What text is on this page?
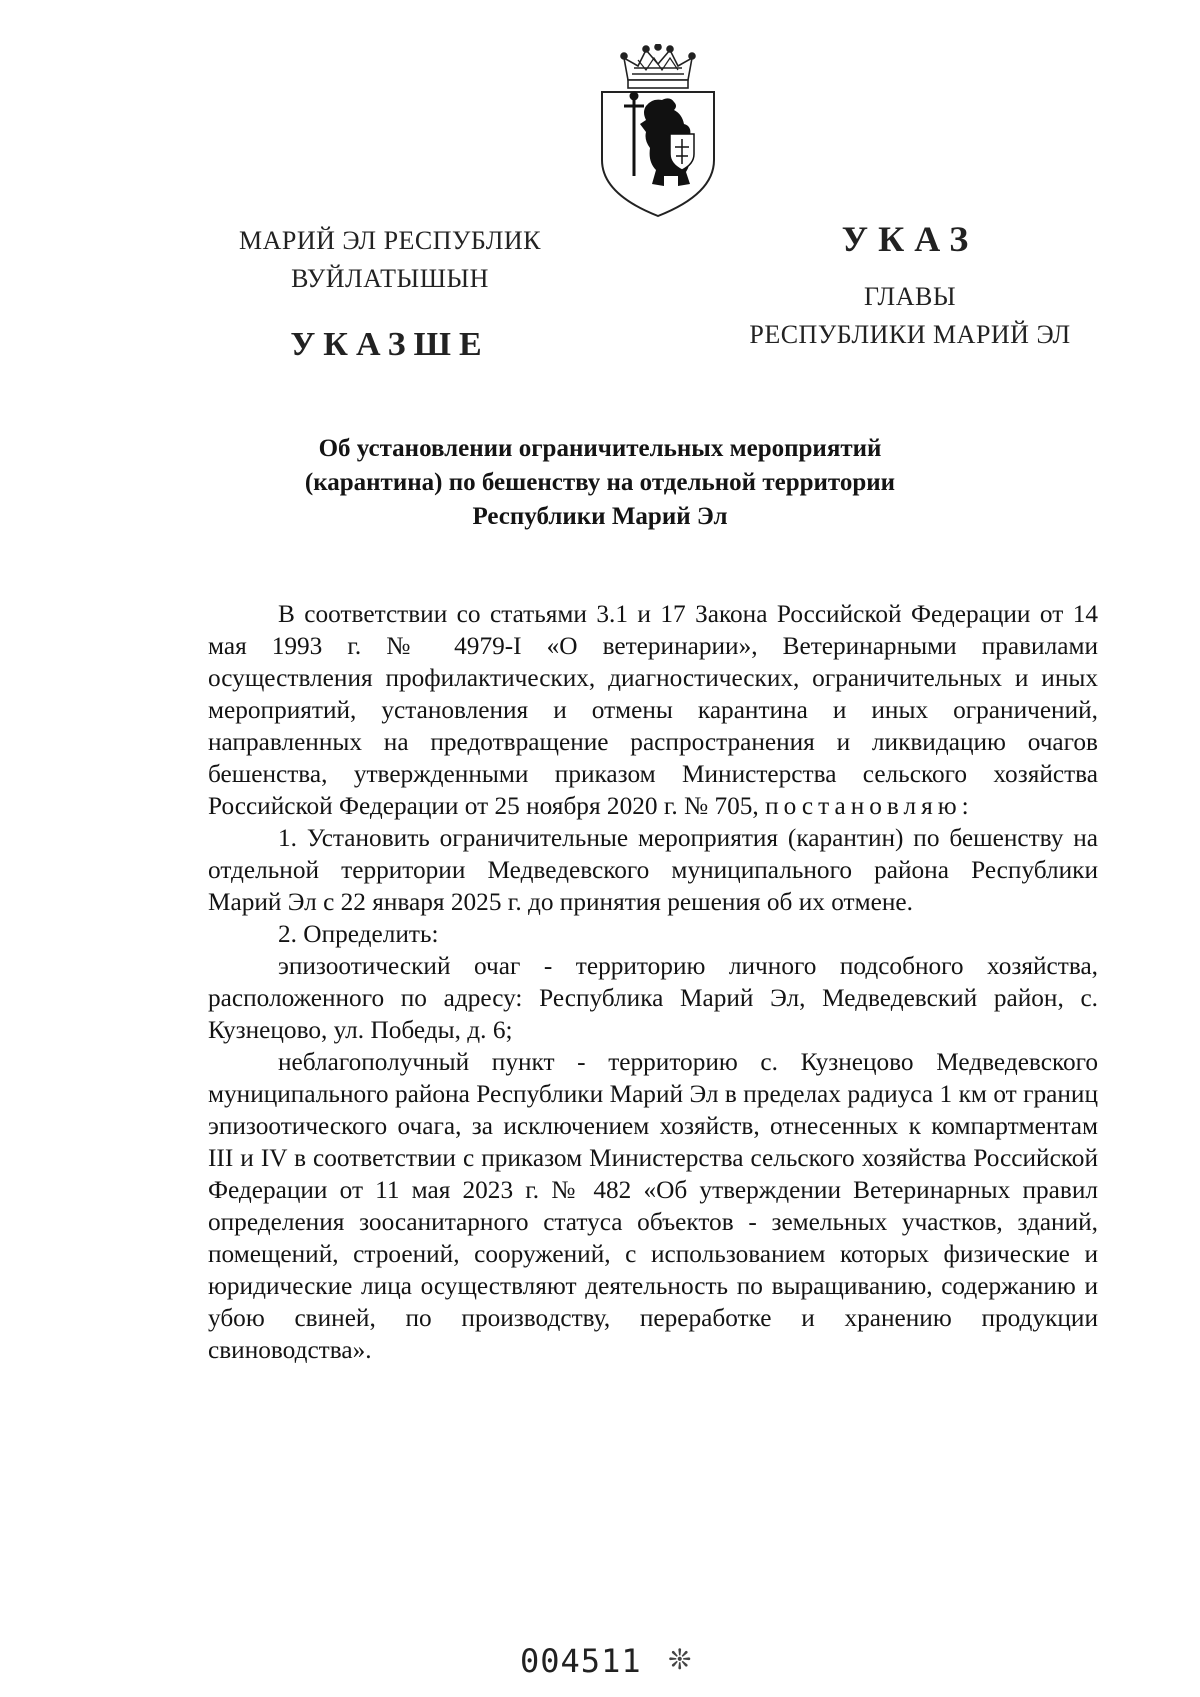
МАРИЙ ЭЛ РЕСПУБЛИК
ВУЙЛАТЫШЫН
УКАЗШЕ
УКАЗ
ГЛАВЫ
РЕСПУБЛИКИ МАРИЙ ЭЛ
Об установлении ограничительных мероприятий
(карантина) по бешенству на отдельной территории
Республики Марий Эл

В соответствии со статьями 3.1 и 17 Закона Российской Федерации от 14 мая 1993 г. № 4979-I «О ветеринарии», Ветеринарными правилами осуществления профилактических, диагностических, ограничительных и иных мероприятий, установления и отмены карантина и иных ограничений, направленных на предотвращение распространения и ликвидацию очагов бешенства, утвержденными приказом Министерства сельского хозяйства Российской Федерации от 25 ноября 2020 г. № 705, постановляю:

1. Установить ограничительные мероприятия (карантин) по бешенству на отдельной территории Медведевского муниципального района Республики Марий Эл с 22 января 2025 г. до принятия решения об их отмене.

2. Определить:

эпизоотический очаг - территорию личного подсобного хозяйства, расположенного по адресу: Республика Марий Эл, Медведевский район, с. Кузнецово, ул. Победы, д. 6;

неблагополучный пункт - территорию с. Кузнецово Медведевского муниципального района Республики Марий Эл в пределах радиуса 1 км от границ эпизоотического очага, за исключением хозяйств, отнесенных к компартментам III и IV в соответствии с приказом Министерства сельского хозяйства Российской Федерации от 11 мая 2023 г. № 482 «Об утверждении Ветеринарных правил определения зоосанитарного статуса объектов - земельных участков, зданий, помещений, строений, сооружений, с использованием которых физические и юридические лица осуществляют деятельность по выращиванию, содержанию и убою свиней, по производству, переработке и хранению продукции свиноводства».

004511 ❊
